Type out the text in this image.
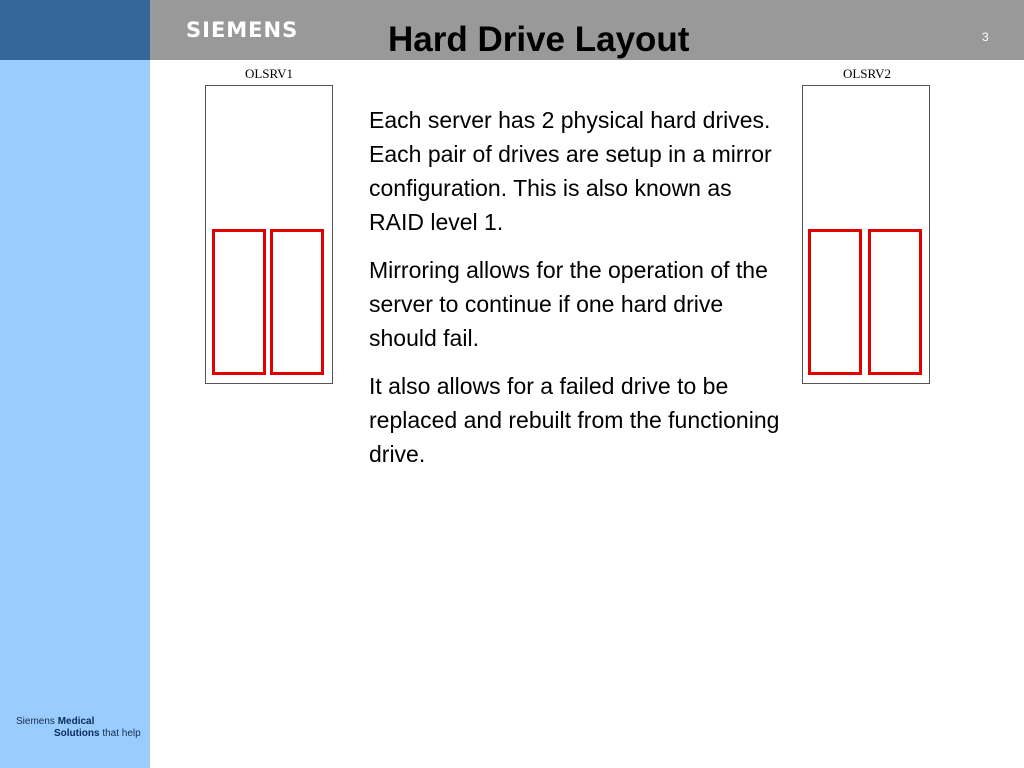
SIEMENS	Hard Drive Layout	3
OLSRV1	OLSRV2

Each server has 2 physical hard drives. Each pair of drives are setup in a mirror configuration. This is also known as RAID level 1.

Mirroring allows for the operation of the server to continue if one hard drive should fail.

It also allows for a failed drive to be replaced and rebuilt from the functioning drive.

Siemens Medical
Solutions that help
